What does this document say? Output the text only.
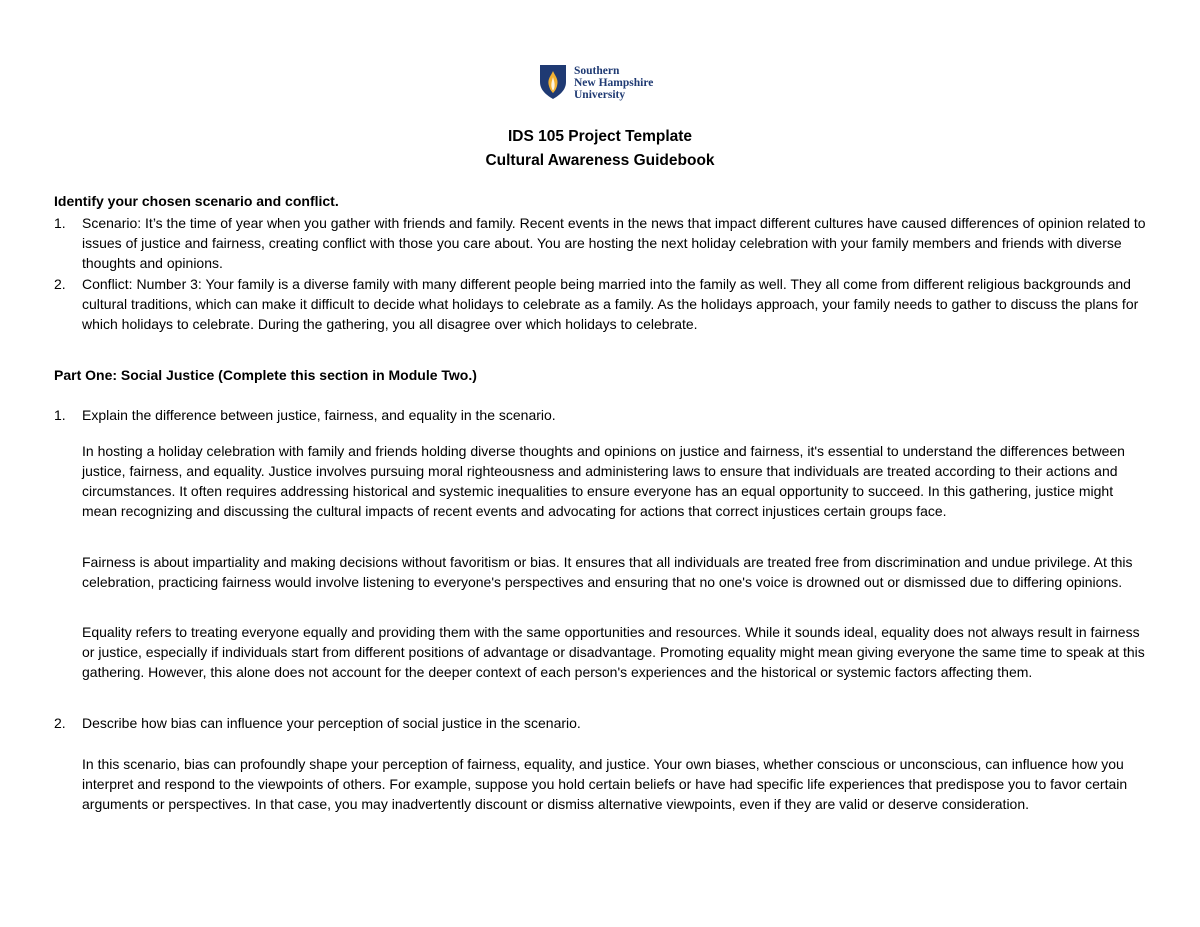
Southern
New Hampshire
University
IDS 105 Project Template
Cultural Awareness Guidebook
Identify your chosen scenario and conflict.
1. Scenario: It’s the time of year when you gather with friends and family. Recent events in the news that impact different cultures have caused differences of opinion related to issues of justice and fairness, creating conflict with those you care about. You are hosting the next holiday celebration with your family members and friends with diverse thoughts and opinions.
2. Conflict: Number 3: Your family is a diverse family with many different people being married into the family as well. They all come from different religious backgrounds and cultural traditions, which can make it difficult to decide what holidays to celebrate as a family. As the holidays approach, your family needs to gather to discuss the plans for which holidays to celebrate. During the gathering, you all disagree over which holidays to celebrate.
Part One: Social Justice (Complete this section in Module Two.)
1. Explain the difference between justice, fairness, and equality in the scenario.
In hosting a holiday celebration with family and friends holding diverse thoughts and opinions on justice and fairness, it's essential to understand the differences between justice, fairness, and equality. Justice involves pursuing moral righteousness and administering laws to ensure that individuals are treated according to their actions and circumstances. It often requires addressing historical and systemic inequalities to ensure everyone has an equal opportunity to succeed. In this gathering, justice might mean recognizing and discussing the cultural impacts of recent events and advocating for actions that correct injustices certain groups face.
Fairness is about impartiality and making decisions without favoritism or bias. It ensures that all individuals are treated free from discrimination and undue privilege. At this celebration, practicing fairness would involve listening to everyone's perspectives and ensuring that no one's voice is drowned out or dismissed due to differing opinions.
Equality refers to treating everyone equally and providing them with the same opportunities and resources. While it sounds ideal, equality does not always result in fairness or justice, especially if individuals start from different positions of advantage or disadvantage. Promoting equality might mean giving everyone the same time to speak at this gathering. However, this alone does not account for the deeper context of each person's experiences and the historical or systemic factors affecting them.
2. Describe how bias can influence your perception of social justice in the scenario.
In this scenario, bias can profoundly shape your perception of fairness, equality, and justice. Your own biases, whether conscious or unconscious, can influence how you interpret and respond to the viewpoints of others. For example, suppose you hold certain beliefs or have had specific life experiences that predispose you to favor certain arguments or perspectives. In that case, you may inadvertently discount or dismiss alternative viewpoints, even if they are valid or deserve consideration.
